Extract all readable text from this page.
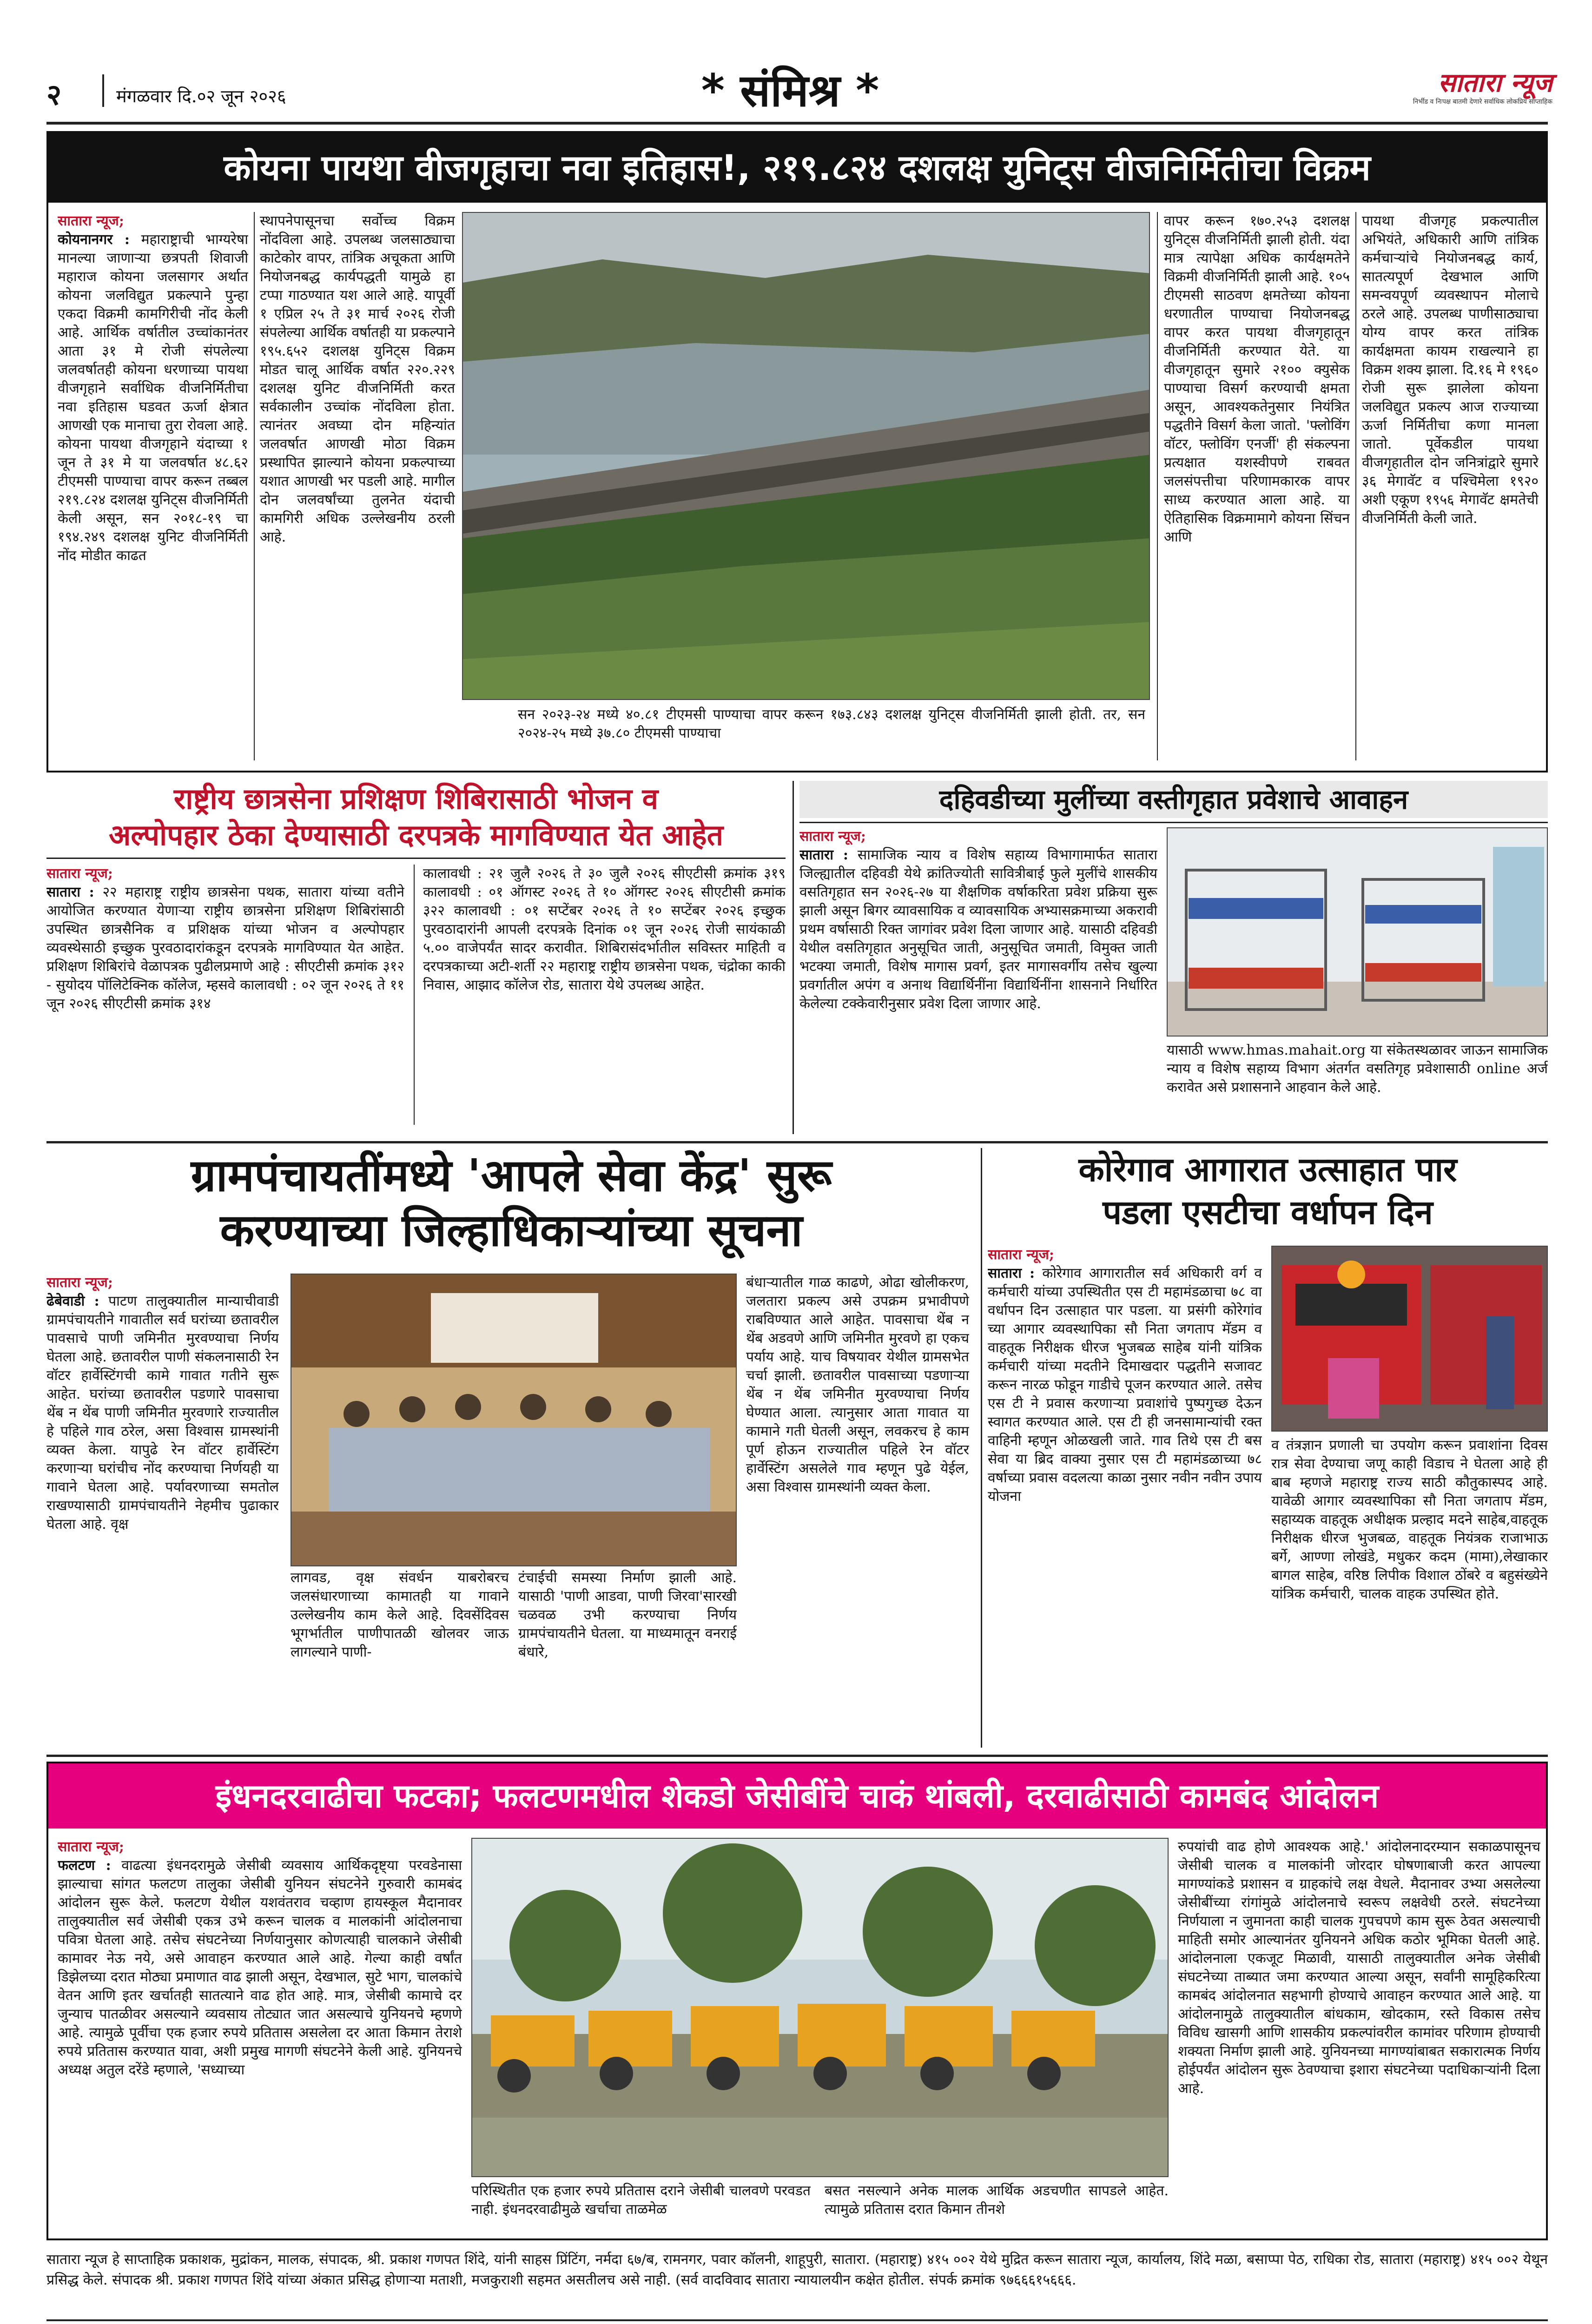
२	मंगळवार दि.०२ जून २०२६	* संमिश्र *	सातारा न्यूज
निर्भीड व निःपक्ष बातमी देणारे सर्वाधिक लोकप्रिय साप्ताहिक
कोयना पायथा वीजगृहाचा नवा इतिहास!, २१९.८२४ दशलक्ष युनिट्स वीजनिर्मितीचा विक्रम
सातारा न्यूज;
कोयनानगर : महाराष्ट्राची भाग्यरेषा मानल्या जाणाऱ्या छत्रपती शिवाजी महाराज कोयना जलसागर अर्थात कोयना जलविद्युत प्रकल्पाने पुन्हा एकदा विक्रमी कामगिरीची नोंद केली आहे. आर्थिक वर्षातील उच्चांकानंतर आता ३१ मे रोजी संपलेल्या जलवर्षातही कोयना धरणाच्या पायथा वीजगृहाने सर्वाधिक वीजनिर्मितीचा नवा इतिहास घडवत ऊर्जा क्षेत्रात आणखी एक मानाचा तुरा रोवला आहे. कोयना पायथा वीजगृहाने यंदाच्या १ जून ते ३१ मे या जलवर्षात ४८.६२ टीएमसी पाण्याचा वापर करून तब्बल २१९.८२४ दशलक्ष युनिट्स वीजनिर्मिती केली असून, सन २०१८-१९ चा १९४.२४९ दशलक्ष युनिट वीजनिर्मिती नोंद मोडीत काढत
स्थापनेपासूनचा सर्वोच्च विक्रम नोंदविला आहे. उपलब्ध जलसाठ्याचा काटेकोर वापर, तांत्रिक अचूकता आणि नियोजनबद्ध कार्यपद्धती यामुळे हा टप्पा गाठण्यात यश आले आहे. यापूर्वी १ एप्रिल २५ ते ३१ मार्च २०२६ रोजी संपलेल्या आर्थिक वर्षातही या प्रकल्पाने १९५.६५२ दशलक्ष युनिट्स विक्रम मोडत चालू आर्थिक वर्षात २२०.२२९ दशलक्ष युनिट वीजनिर्मिती करत सर्वकालीन उच्चांक नोंदविला होता. त्यानंतर अवघ्या दोन महिन्यांत जलवर्षात आणखी मोठा विक्रम प्रस्थापित झाल्याने कोयना प्रकल्पाच्या यशात आणखी भर पडली आहे. मागील दोन जलवर्षांच्या तुलनेत यंदाची कामगिरी अधिक उल्लेखनीय ठरली आहे.
सन २०२३-२४ मध्ये ४०.८१ टीएमसी पाण्याचा वापर करून १७३.८४३ दशलक्ष युनिट्स वीजनिर्मिती झाली होती. तर, सन २०२४-२५ मध्ये ३७.८० टीएमसी पाण्याचा
वापर करून १७०.२५३ दशलक्ष युनिट्स वीजनिर्मिती झाली होती. यंदा मात्र त्यापेक्षा अधिक कार्यक्षमतेने विक्रमी वीजनिर्मिती झाली आहे. १०५ टीएमसी साठवण क्षमतेच्या कोयना धरणातील पाण्याचा नियोजनबद्ध वापर करत पायथा वीजगृहातून वीजनिर्मिती करण्यात येते. या वीजगृहातून सुमारे २१०० क्युसेक पाण्याचा विसर्ग करण्याची क्षमता असून, आवश्यकतेनुसार नियंत्रित पद्धतीने विसर्ग केला जातो. 'फ्लोविंग वॉटर, फ्लोविंग एनर्जी' ही संकल्पना प्रत्यक्षात यशस्वीपणे राबवत जलसंपत्तीचा परिणामकारक वापर साध्य करण्यात आला आहे. या ऐतिहासिक विक्रमामागे कोयना सिंचन आणि
पायथा वीजगृह प्रकल्पातील अभियंते, अधिकारी आणि तांत्रिक कर्मचाऱ्यांचे नियोजनबद्ध कार्य, सातत्यपूर्ण देखभाल आणि समन्वयपूर्ण व्यवस्थापन मोलाचे ठरले आहे. उपलब्ध पाणीसाठ्याचा योग्य वापर करत तांत्रिक कार्यक्षमता कायम राखल्याने हा विक्रम शक्य झाला. दि.१६ मे १९६० रोजी सुरू झालेला कोयना जलविद्युत प्रकल्प आज राज्याच्या ऊर्जा निर्मितीचा कणा मानला जातो. पूर्वेकडील पायथा वीजगृहातील दोन जनित्रांद्वारे सुमारे ३६ मेगावॅट व पश्चिमेला १९२० अशी एकूण १९५६ मेगावॅट क्षमतेची वीजनिर्मिती केली जाते.
राष्ट्रीय छात्रसेना प्रशिक्षण शिबिरासाठी भोजन व
अल्पोपहार ठेका देण्यासाठी दरपत्रके मागविण्यात येत आहेत
सातारा न्यूज;
सातारा : २२ महाराष्ट्र राष्ट्रीय छात्रसेना पथक, सातारा यांच्या वतीने आयोजित करण्यात येणाऱ्या राष्ट्रीय छात्रसेना प्रशिक्षण शिबिरांसाठी उपस्थित छात्रसैनिक व प्रशिक्षक यांच्या भोजन व अल्पोपहार व्यवस्थेसाठी इच्छुक पुरवठादारांकडून दरपत्रके मागविण्यात येत आहेत. प्रशिक्षण शिबिरांचे वेळापत्रक पुढीलप्रमाणे आहे : सीएटीसी क्रमांक ३१२ - सुयोदय पॉलिटेक्निक कॉलेज, म्हसवे कालावधी : ०२ जून २०२६ ते ११ जून २०२६ सीएटीसी क्रमांक ३१४
कालावधी : २१ जुलै २०२६ ते ३० जुलै २०२६ सीएटीसी क्रमांक ३१९ कालावधी : ०१ ऑगस्ट २०२६ ते १० ऑगस्ट २०२६ सीएटीसी क्रमांक ३२२ कालावधी : ०१ सप्टेंबर २०२६ ते १० सप्टेंबर २०२६ इच्छुक पुरवठादारांनी आपली दरपत्रके दिनांक ०१ जून २०२६ रोजी सायंकाळी ५.०० वाजेपर्यंत सादर करावीत. शिबिरासंदर्भातील सविस्तर माहिती व दरपत्रकाच्या अटी-शर्ती २२ महाराष्ट्र राष्ट्रीय छात्रसेना पथक, चंद्रोका काकी निवास, आझाद कॉलेज रोड, सातारा येथे उपलब्ध आहेत.
दहिवडीच्या मुलींच्या वस्तीगृहात प्रवेशाचे आवाहन
सातारा न्यूज;
सातारा : सामाजिक न्याय व विशेष सहाय्य विभागामार्फत सातारा जिल्ह्यातील दहिवडी येथे क्रांतिज्योती सावित्रीबाई फुले मुलींचे शासकीय वसतिगृहात सन २०२६-२७ या शैक्षणिक वर्षाकरिता प्रवेश प्रक्रिया सुरू झाली असून बिगर व्यावसायिक व व्यावसायिक अभ्यासक्रमाच्या अकरावी प्रथम वर्षासाठी रिक्त जागांवर प्रवेश दिला जाणार आहे. यासाठी दहिवडी येथील वसतिगृहात अनुसूचित जाती, अनुसूचित जमाती, विमुक्त जाती भटक्या जमाती, विशेष मागास प्रवर्ग, इतर मागासवर्गीय तसेच खुल्या प्रवर्गातील अपंग व अनाथ विद्यार्थिनींना विद्यार्थिनींना शासनाने निर्धारित केलेल्या टक्केवारीनुसार प्रवेश दिला जाणार आहे.
यासाठी www.hmas.mahait.org या संकेतस्थळावर जाऊन सामाजिक न्याय व विशेष सहाय्य विभाग अंतर्गत वसतिगृह प्रवेशासाठी online अर्ज करावेत असे प्रशासनाने आहवान केले आहे.
ग्रामपंचायतींमध्ये 'आपले सेवा केंद्र' सुरू
करण्याच्या जिल्हाधिकाऱ्यांच्या सूचना
सातारा न्यूज;
ढेबेवाडी : पाटण तालुक्यातील मान्याचीवाडी ग्रामपंचायतीने गावातील सर्व घरांच्या छतावरील पावसाचे पाणी जमिनीत मुरवण्याचा निर्णय घेतला आहे. छतावरील पाणी संकलनासाठी रेन वॉटर हार्वेस्टिंगची कामे गावात गतीने सुरू आहेत. घरांच्या छतावरील पडणारे पावसाचा थेंब न थेंब पाणी जमिनीत मुरवणारे राज्यातील हे पहिले गाव ठरेल, असा विश्वास ग्रामस्थांनी व्यक्त केला. यापुढे रेन वॉटर हार्वेस्टिंग करणाऱ्या घरांचीच नोंद करण्याचा निर्णयही या गावाने घेतला आहे. पर्यावरणाच्या समतोल राखण्यासाठी ग्रामपंचायतीने नेहमीच पुढाकार घेतला आहे. वृक्ष
लागवड, वृक्ष संवर्धन याबरोबरच जलसंधारणाच्या कामातही या गावाने उल्लेखनीय काम केले आहे. दिवसेंदिवस भूगर्भातील पाणीपातळी खोलवर जाऊ लागल्याने पाणी-
टंचाईची समस्या निर्माण झाली आहे. यासाठी 'पाणी आडवा, पाणी जिरवा'सारखी चळवळ उभी करण्याचा निर्णय ग्रामपंचायतीने घेतला. या माध्यमातून वनराई बंधारे,
बंधाऱ्यातील गाळ काढणे, ओढा खोलीकरण, जलतारा प्रकल्प असे उपक्रम प्रभावीपणे राबविण्यात आले आहेत. पावसाचा थेंब न थेंब अडवणे आणि जमिनीत मुरवणे हा एकच पर्याय आहे. याच विषयावर येथील ग्रामसभेत चर्चा झाली. छतावरील पावसाच्या पडणाऱ्या थेंब न थेंब जमिनीत मुरवण्याचा निर्णय घेण्यात आला. त्यानुसार आता गावात या कामाने गती घेतली असून, लवकरच हे काम पूर्ण होऊन राज्यातील पहिले रेन वॉटर हार्वेस्टिंग असलेले गाव म्हणून पुढे येईल, असा विश्वास ग्रामस्थांनी व्यक्त केला.
कोरेगाव आगारात उत्साहात पार
पडला एसटीचा वर्धापन दिन
सातारा न्यूज;
सातारा : कोरेगाव आगारातील सर्व अधिकारी वर्ग व कर्मचारी यांच्या उपस्थितीत एस टी महामंडळाचा ७८ वा वर्धापन दिन उत्साहात पार पडला. या प्रसंगी कोरेगांव च्या आगार व्यवस्थापिका सौ निता जगताप मॅडम व वाहतूक निरीक्षक धीरज भुजबळ साहेब यांनी यांत्रिक कर्मचारी यांच्या मदतीने दिमाखदार पद्धतीने सजावट करून नारळ फोडून गाडीचे पूजन करण्यात आले. तसेच एस टी ने प्रवास करणाऱ्या प्रवाशांचे पुष्पगुच्छ देऊन स्वागत करण्यात आले. एस टी ही जनसामान्यांची रक्त वाहिनी म्हणून ओळखली जाते. गाव तिथे एस टी बस सेवा या ब्रिद वाक्या नुसार एस टी महामंडळाच्या ७८ वर्षाच्या प्रवास वदलत्या काळा नुसार नवीन नवीन उपाय योजना
व तंत्रज्ञान प्रणाली चा उपयोग करून प्रवाशांना दिवस रात्र सेवा देण्याचा जणू काही विडाच ने घेतला आहे ही बाब म्हणजे महाराष्ट्र राज्य साठी कौतुकास्पद आहे. यावेळी आगार व्यवस्थापिका सौ निता जगताप मॅडम, सहाय्यक वाहतूक अधीक्षक प्रल्हाद मदने साहेब,वाहतूक निरीक्षक धीरज भुजबळ, वाहतूक नियंत्रक राजाभाऊ बर्गे, आण्णा लोखंडे, मधुकर कदम (मामा),लेखाकार बागल साहेब, वरिष्ठ लिपीक विशाल ठोंबरे व बहुसंख्येने यांत्रिक कर्मचारी, चालक वाहक उपस्थित होते.
इंधनदरवाढीचा फटका; फलटणमधील शेकडो जेसीबींचे चाकं थांबली, दरवाढीसाठी कामबंद आंदोलन
सातारा न्यूज;
फलटण : वाढत्या इंधनदरामुळे जेसीबी व्यवसाय आर्थिकदृष्ट्या परवडेनासा झाल्याचा सांगत फलटण तालुका जेसीबी युनियन संघटनेने गुरुवारी कामबंद आंदोलन सुरू केले. फलटण येथील यशवंतराव चव्हाण हायस्कूल मैदानावर तालुक्यातील सर्व जेसीबी एकत्र उभे करून चालक व मालकांनी आंदोलनाचा पवित्रा घेतला आहे. तसेच संघटनेच्या निर्णयानुसार कोणत्याही चालकाने जेसीबी कामावर नेऊ नये, असे आवाहन करण्यात आले आहे. गेल्या काही वर्षांत डिझेलच्या दरात मोठ्या प्रमाणात वाढ झाली असून, देखभाल, सुटे भाग, चालकांचे वेतन आणि इतर खर्चातही सातत्याने वाढ होत आहे. मात्र, जेसीबी कामाचे दर जुन्याच पातळीवर असल्याने व्यवसाय तोट्यात जात असल्याचे युनियनचे म्हणणे आहे. त्यामुळे पूर्वीचा एक हजार रुपये प्रतितास असलेला दर आता किमान तेराशे रुपये प्रतितास करण्यात यावा, अशी प्रमुख मागणी संघटनेने केली आहे. युनियनचे अध्यक्ष अतुल दरेंडे म्हणाले, 'सध्याच्या
परिस्थितीत एक हजार रुपये प्रतितास दराने जेसीबी चालवणे परवडत नाही. इंधनदरवाढीमुळे खर्चाचा ताळमेळ
बसत नसल्याने अनेक मालक आर्थिक अडचणीत सापडले आहेत. त्यामुळे प्रतितास दरात किमान तीनशे
रुपयांची वाढ होणे आवश्यक आहे.' आंदोलनादरम्यान सकाळपासूनच जेसीबी चालक व मालकांनी जोरदार घोषणाबाजी करत आपल्या मागण्यांकडे प्रशासन व ग्राहकांचे लक्ष वेधले. मैदानावर उभ्या असलेल्या जेसीबींच्या रांगांमुळे आंदोलनाचे स्वरूप लक्षवेधी ठरले. संघटनेच्या निर्णयाला न जुमानता काही चालक गुपचपणे काम सुरू ठेवत असल्याची माहिती समोर आल्यानंतर युनियनने अधिक कठोर भूमिका घेतली आहे. आंदोलनाला एकजूट मिळावी, यासाठी तालुक्यातील अनेक जेसीबी संघटनेच्या ताब्यात जमा करण्यात आल्या असून, सर्वांनी सामूहिकरित्या कामबंद आंदोलनात सहभागी होण्याचे आवाहन करण्यात आले आहे. या आंदोलनामुळे तालुक्यातील बांधकाम, खोदकाम, रस्ते विकास तसेच विविध खासगी आणि शासकीय प्रकल्पांवरील कामांवर परिणाम होण्याची शक्यता निर्माण झाली आहे. युनियनच्या मागण्यांबाबत सकारात्मक निर्णय होईपर्यंत आंदोलन सुरू ठेवण्याचा इशारा संघटनेच्या पदाधिकाऱ्यांनी दिला आहे.
सातारा न्यूज हे साप्ताहिक प्रकाशक, मुद्रांकन, मालक, संपादक, श्री. प्रकाश गणपत शिंदे, यांनी साहस प्रिंटिंग, नर्मदा ६७/ब, रामनगर, पवार कॉलनी, शाहूपुरी, सातारा. (महाराष्ट्र) ४१५ ००२ येथे मुद्रित करून सातारा न्यूज, कार्यालय, शिंदे मळा, बसाप्पा पेठ, राधिका रोड, सातारा (महाराष्ट्र) ४१५ ००२ येथून प्रसिद्ध केले. संपादक श्री. प्रकाश गणपत शिंदे यांच्या अंकात प्रसिद्ध होणाऱ्या मताशी, मजकुराशी सहमत असतीलच असे नाही. (सर्व वादविवाद सातारा न्यायालयीन कक्षेत होतील. संपर्क क्रमांक ९७६६६१५६६६.
